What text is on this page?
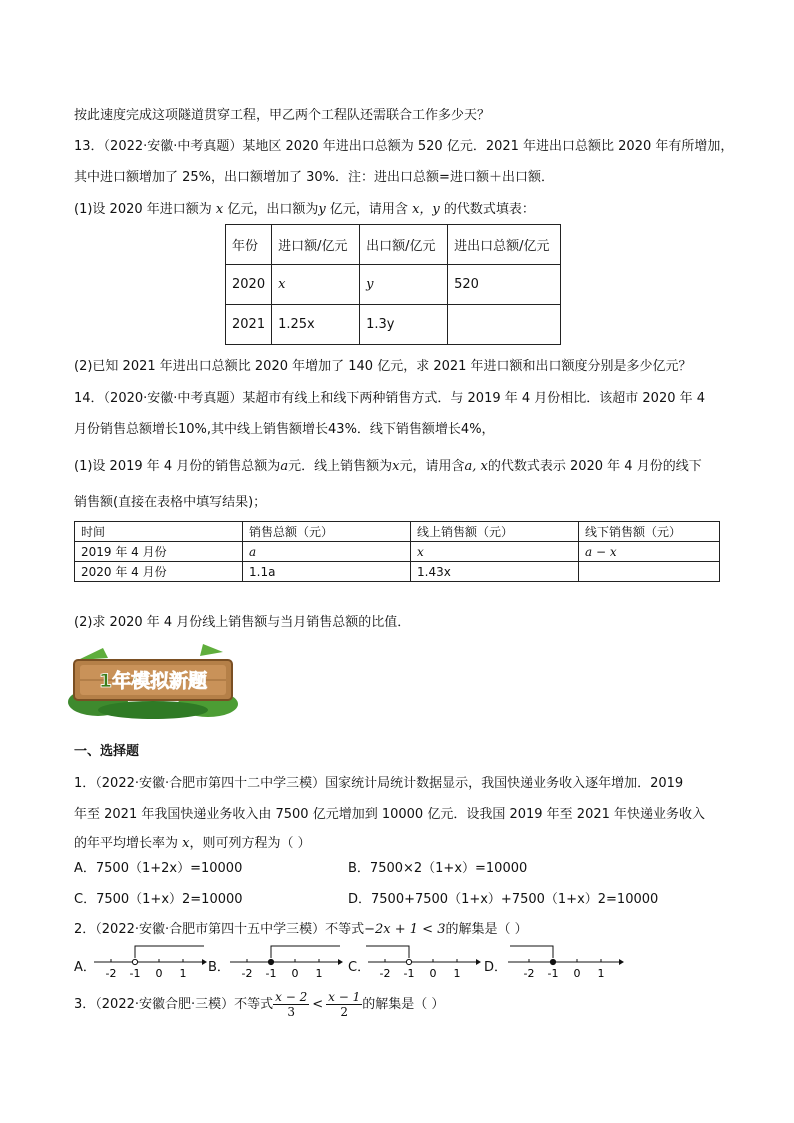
按此速度完成这项隧道贯穿工程，甲乙两个工程队还需联合工作多少天？
13．（2022·安徽·中考真题）某地区 2020 年进出口总额为 520 亿元．2021 年进出口总额比 2020 年有所增加，
其中进口额增加了 25%，出口额增加了 30%．注：进出口总额=进口额＋出口额．
(1)设 2020 年进口额为 x 亿元，出口额为y 亿元，请用含 x，y 的代数式填表：
年份	进口额/亿元	出口额/亿元	进出口总额/亿元
2020	x	y	520
2021	1.25x	1.3y	
(2)已知 2021 年进出口总额比 2020 年增加了 140 亿元，求 2021 年进口额和出口额度分别是多少亿元？
14．（2020·安徽·中考真题）某超市有线上和线下两种销售方式．与 2019 年 4 月份相比．该超市 2020 年 4
月份销售总额增长10%,其中线上销售额增长43%．线下销售额增长4%，
(1)设 2019 年 4 月份的销售总额为a元．线上销售额为x元，请用含a, x的代数式表示 2020 年 4 月份的线下
销售额(直接在表格中填写结果)；
时间	销售总额（元）	线上销售额（元）	线下销售额（元）
2019 年 4 月份	a	x	a − x
2020 年 4 月份	1.1a	1.43x	
(2)求 2020 年 4 月份线上销售额与当月销售总额的比值．
1年模拟新题
一、选择题
1．（2022·安徽·合肥市第四十二中学三模）国家统计局统计数据显示，我国快递业务收入逐年增加．2019
年至 2021 年我国快递业务收入由 7500 亿元增加到 10000 亿元．设我国 2019 年至 2021 年快递业务收入
的年平均增长率为 x，则可列方程为（ ）
A．7500（1+2x）=10000	B．7500×2（1+x）=10000
C．7500（1+x）2=10000	D．7500+7500（1+x）+7500（1+x）2=10000
2．（2022·安徽·合肥市第四十五中学三模）不等式−2x + 1 < 3的解集是（ ）
A．	B．	C．	D．
-2 -1 0 1	-2 -1 0 1	-2 -1 0 1	-2 -1 0 1
3．（2022·安徽合肥·三模）不等式 $\frac{x - 2}{3} < \frac{x - 1}{2}$ 的解集是（ ）
